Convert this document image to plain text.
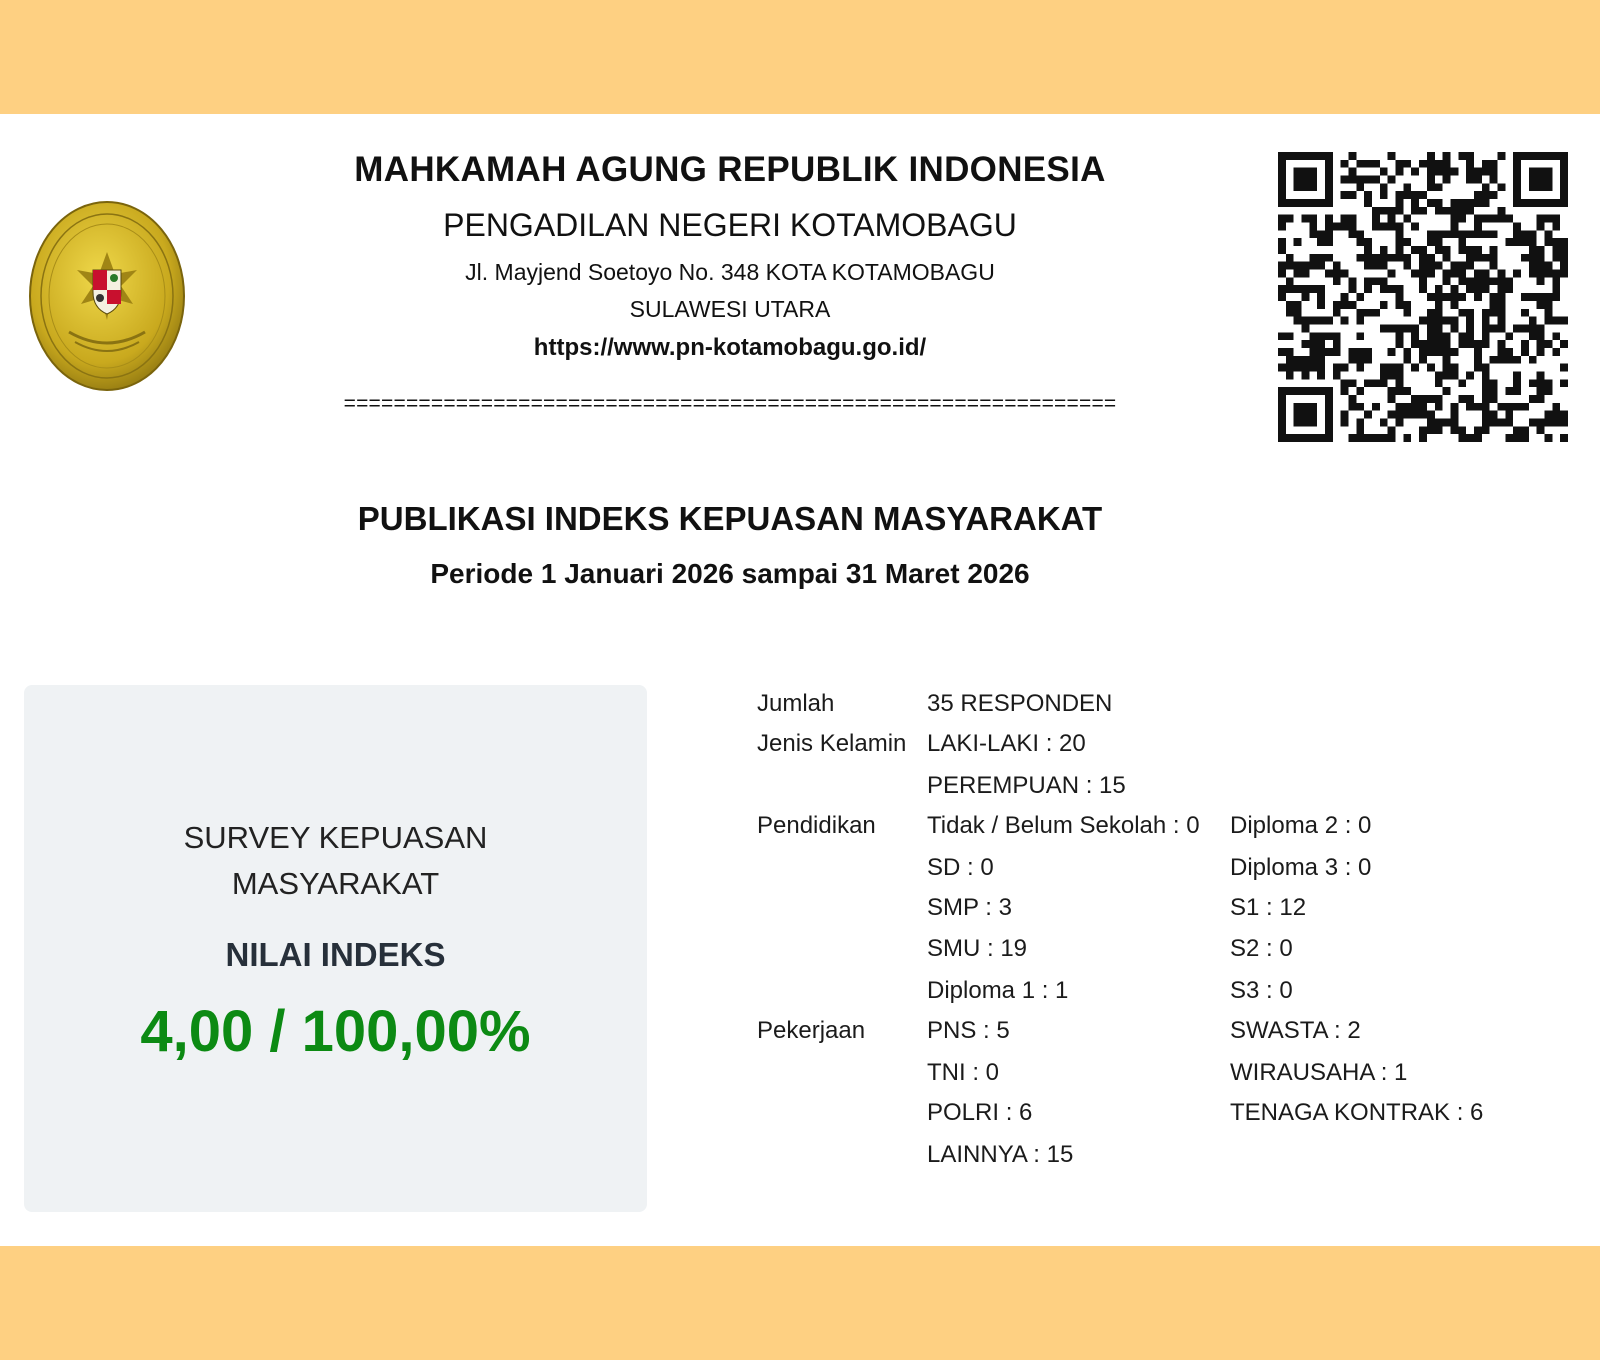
MAHKAMAH AGUNG REPUBLIK INDONESIA
PENGADILAN NEGERI KOTAMOBAGU
Jl. Mayjend Soetoyo No. 348 KOTA KOTAMOBAGU
SULAWESI UTARA
https://www.pn-kotamobagu.go.id/
==============================================================
PUBLIKASI INDEKS KEPUASAN MASYARAKAT
Periode 1 Januari 2026 sampai 31 Maret 2026
SURVEY KEPUASAN
MASYARAKAT
NILAI INDEKS
4,00 / 100,00%
Jumlah	35 RESPONDEN
Jenis Kelamin LAKI-LAKI : 20
PEREMPUAN : 15
Pendidikan Tidak / Belum Sekolah : 0
SD : 0
SMP : 3
SMU : 19
Diploma 1 : 1
Diploma 2 : 0
Diploma 3 : 0
S1 : 12
S2 : 0
S3 : 0
Pekerjaan	PNS : 5
TNI : 0
POLRI : 6
LAINNYA : 15
SWASTA : 2
WIRAUSAHA : 1
TENAGA KONTRAK : 6
